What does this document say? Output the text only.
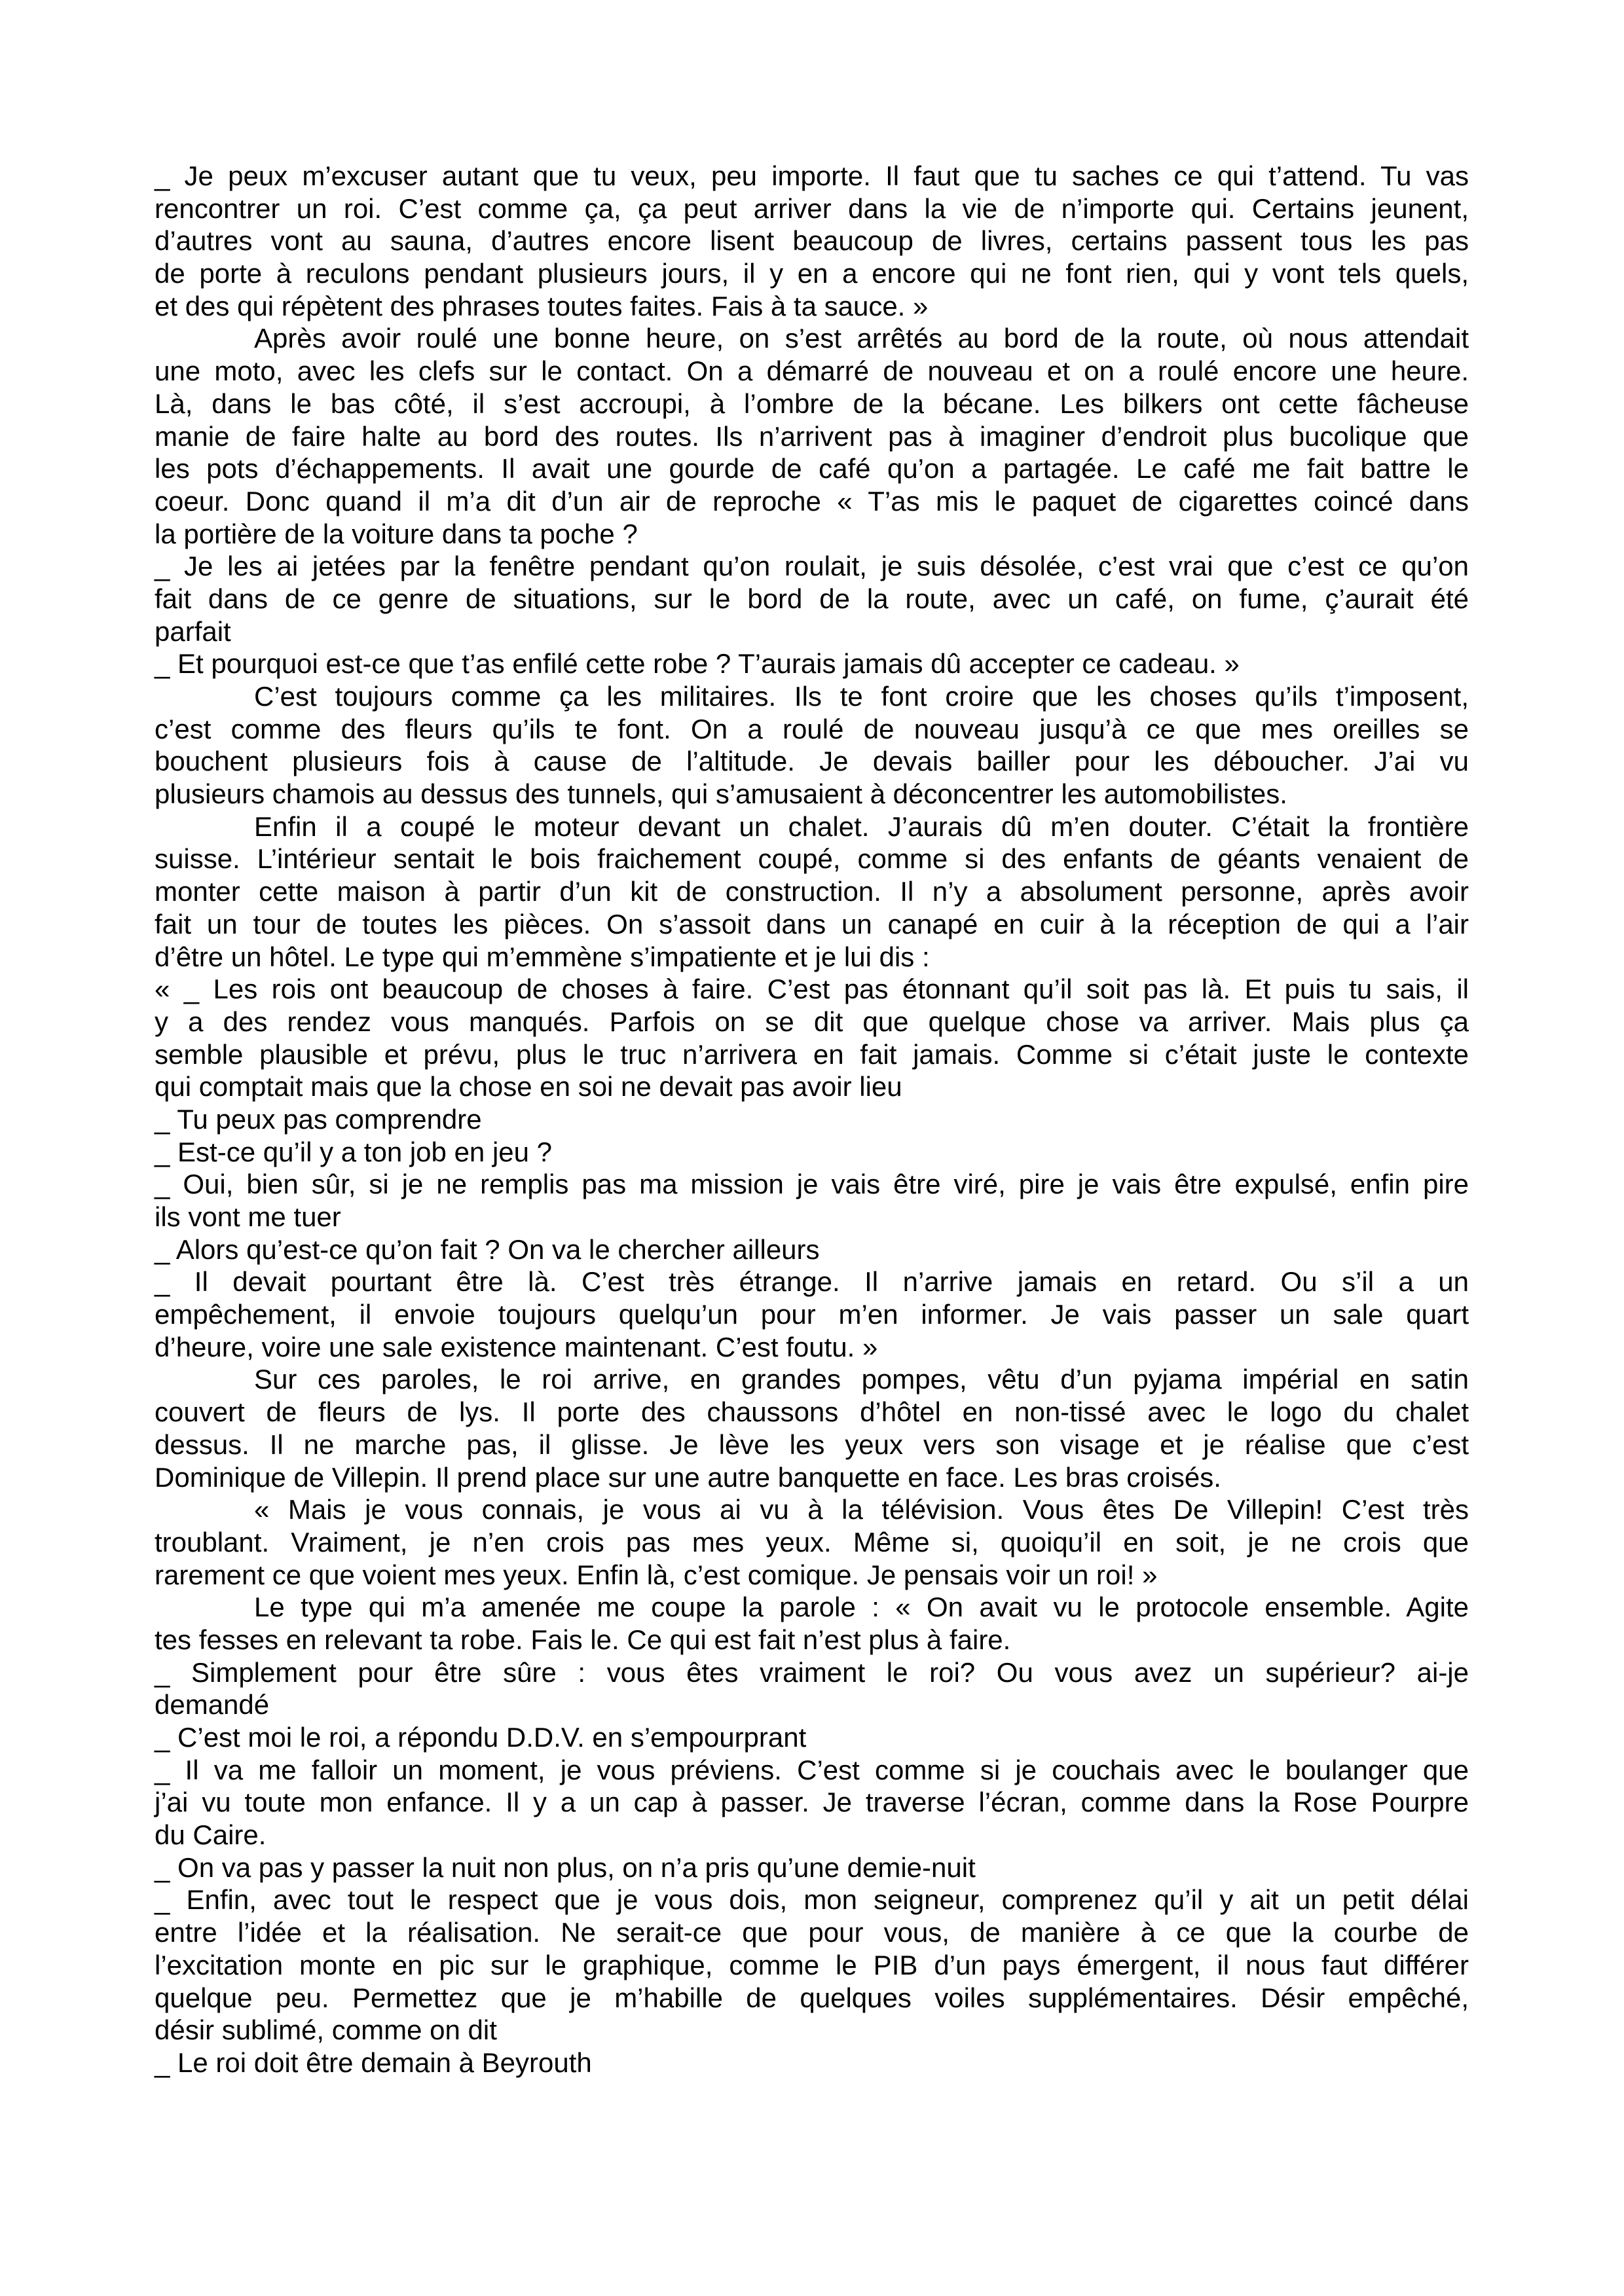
_ Je peux m’excuser autant que tu veux, peu importe. Il faut que tu saches ce qui t’attend. Tu vas
rencontrer un roi. C’est comme ça, ça peut arriver dans la vie de n’importe qui. Certains jeunent,
d’autres vont au sauna, d’autres encore lisent beaucoup de livres, certains passent tous les pas
de porte à reculons pendant plusieurs jours, il y en a encore qui ne font rien, qui y vont tels quels,
et des qui répètent des phrases toutes faites. Fais à ta sauce. »
Après avoir roulé une bonne heure, on s’est arrêtés au bord de la route, où nous attendait
une moto, avec les clefs sur le contact. On a démarré de nouveau et on a roulé encore une heure.
Là, dans le bas côté, il s’est accroupi, à l’ombre de la bécane. Les bilkers ont cette fâcheuse
manie de faire halte au bord des routes. Ils n’arrivent pas à imaginer d’endroit plus bucolique que
les pots d’échappements. Il avait une gourde de café qu’on a partagée. Le café me fait battre le
coeur. Donc quand il m’a dit d’un air de reproche « T’as mis le paquet de cigarettes coincé dans
la portière de la voiture dans ta poche ?
_ Je les ai jetées par la fenêtre pendant qu’on roulait, je suis désolée, c’est vrai que c’est ce qu’on
fait dans de ce genre de situations, sur le bord de la route, avec un café, on fume, ç’aurait été
parfait
_ Et pourquoi est-ce que t’as enfilé cette robe ? T’aurais jamais dû accepter ce cadeau. »
C’est toujours comme ça les militaires. Ils te font croire que les choses qu’ils t’imposent,
c’est comme des fleurs qu’ils te font. On a roulé de nouveau jusqu’à ce que mes oreilles se
bouchent plusieurs fois à cause de l’altitude. Je devais bailler pour les déboucher. J’ai vu
plusieurs chamois au dessus des tunnels, qui s’amusaient à déconcentrer les automobilistes.
Enfin il a coupé le moteur devant un chalet. J’aurais dû m’en douter. C’était la frontière
suisse. L’intérieur sentait le bois fraichement coupé, comme si des enfants de géants venaient de
monter cette maison à partir d’un kit de construction. Il n’y a absolument personne, après avoir
fait un tour de toutes les pièces. On s’assoit dans un canapé en cuir à la réception de qui a l’air
d’être un hôtel. Le type qui m’emmène s’impatiente et je lui dis :
« _ Les rois ont beaucoup de choses à faire. C’est pas étonnant qu’il soit pas là. Et puis tu sais, il
y a des rendez vous manqués. Parfois on se dit que quelque chose va arriver. Mais plus ça
semble plausible et prévu, plus le truc n’arrivera en fait jamais. Comme si c’était juste le contexte
qui comptait mais que la chose en soi ne devait pas avoir lieu
_ Tu peux pas comprendre
_ Est-ce qu’il y a ton job en jeu ?
_ Oui, bien sûr, si je ne remplis pas ma mission je vais être viré, pire je vais être expulsé, enfin pire
ils vont me tuer
_ Alors qu’est-ce qu’on fait ? On va le chercher ailleurs
_ Il devait pourtant être là. C’est très étrange. Il n’arrive jamais en retard. Ou s’il a un
empêchement, il envoie toujours quelqu’un pour m’en informer. Je vais passer un sale quart
d’heure, voire une sale existence maintenant. C’est foutu. »
Sur ces paroles, le roi arrive, en grandes pompes, vêtu d’un pyjama impérial en satin
couvert de fleurs de lys. Il porte des chaussons d’hôtel en non-tissé avec le logo du chalet
dessus. Il ne marche pas, il glisse. Je lève les yeux vers son visage et je réalise que c’est
Dominique de Villepin. Il prend place sur une autre banquette en face. Les bras croisés.
« Mais je vous connais, je vous ai vu à la télévision. Vous êtes De Villepin! C’est très
troublant. Vraiment, je n’en crois pas mes yeux. Même si, quoiqu’il en soit, je ne crois que
rarement ce que voient mes yeux. Enfin là, c’est comique. Je pensais voir un roi! »
Le type qui m’a amenée me coupe la parole : « On avait vu le protocole ensemble. Agite
tes fesses en relevant ta robe. Fais le. Ce qui est fait n’est plus à faire.
_ Simplement pour être sûre : vous êtes vraiment le roi? Ou vous avez un supérieur? ai-je
demandé
_ C’est moi le roi, a répondu D.D.V. en s’empourprant
_ Il va me falloir un moment, je vous préviens. C’est comme si je couchais avec le boulanger que
j’ai vu toute mon enfance. Il y a un cap à passer. Je traverse l’écran, comme dans la Rose Pourpre
du Caire.
_ On va pas y passer la nuit non plus, on n’a pris qu’une demie-nuit
_ Enfin, avec tout le respect que je vous dois, mon seigneur, comprenez qu’il y ait un petit délai
entre l’idée et la réalisation. Ne serait-ce que pour vous, de manière à ce que la courbe de
l’excitation monte en pic sur le graphique, comme le PIB d’un pays émergent, il nous faut différer
quelque peu. Permettez que je m’habille de quelques voiles supplémentaires. Désir empêché,
désir sublimé, comme on dit
_ Le roi doit être demain à Beyrouth
